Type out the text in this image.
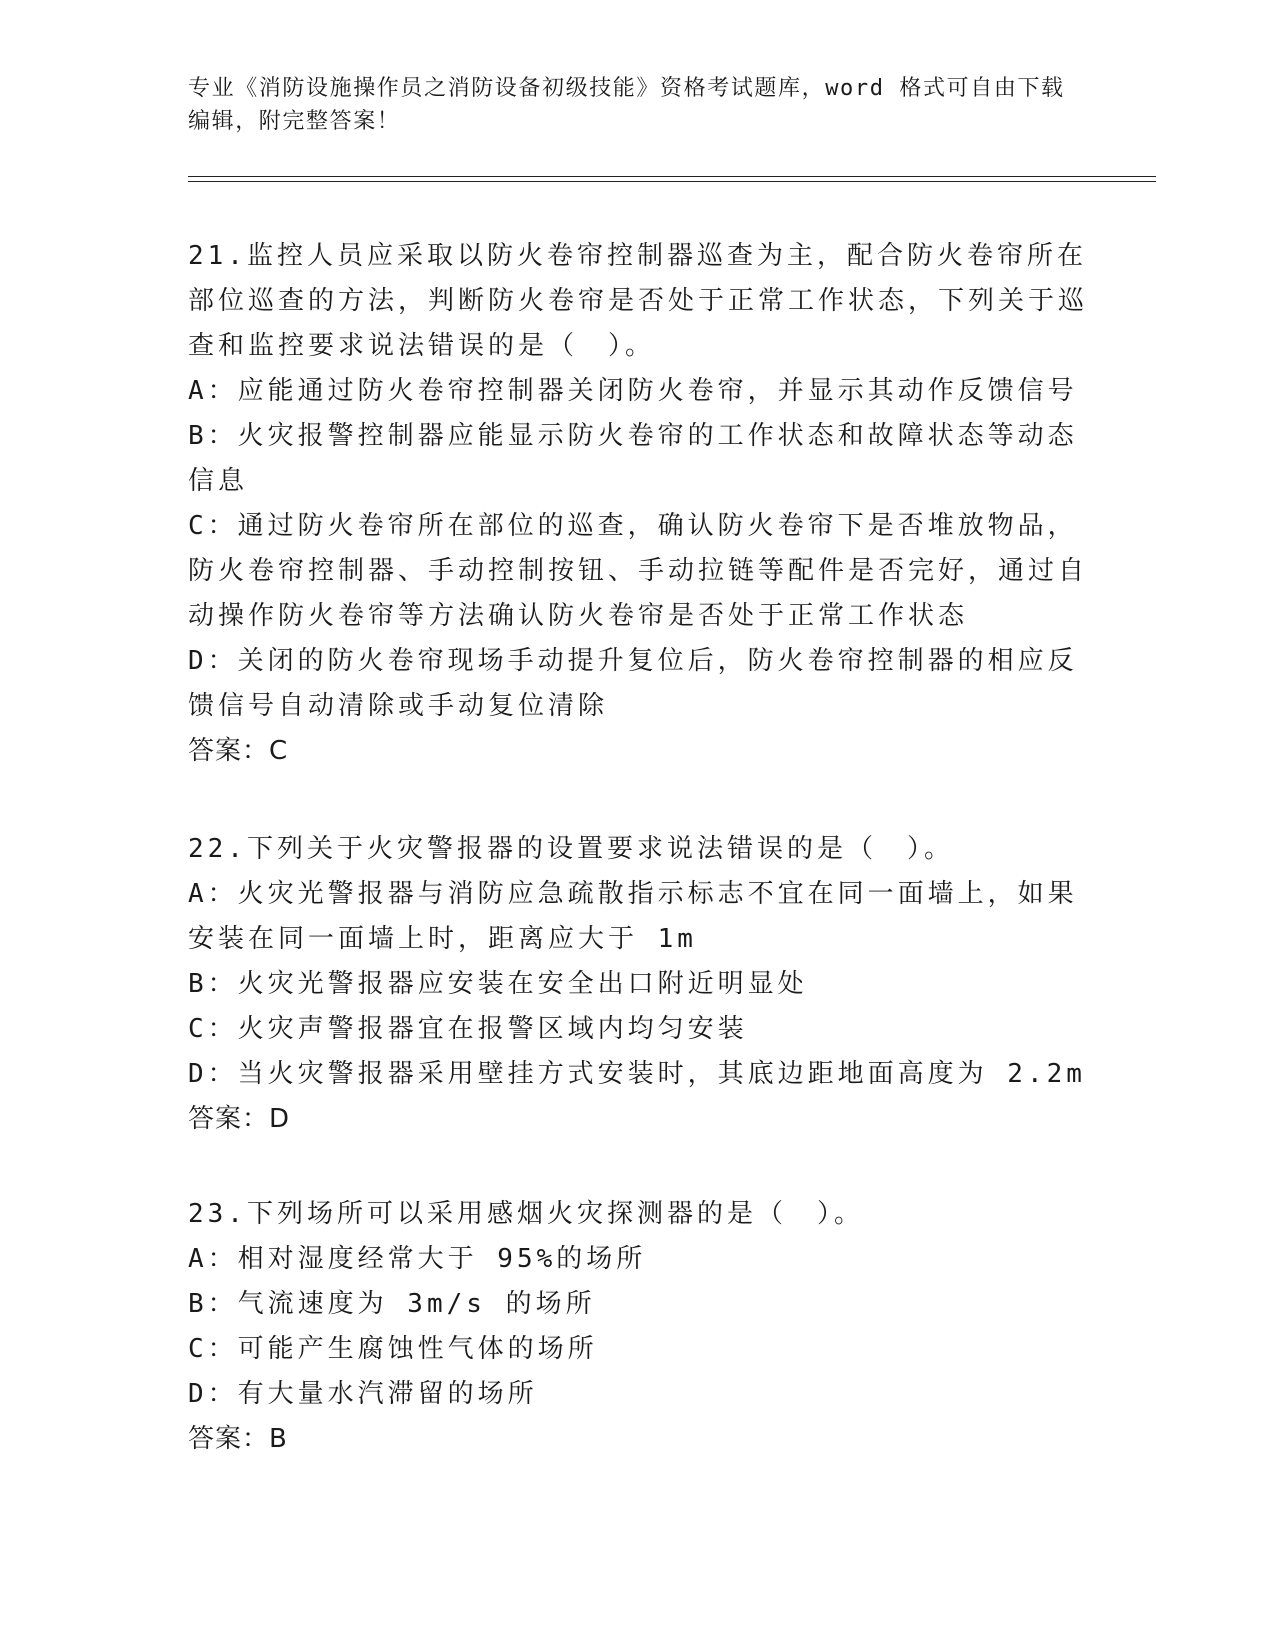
专业《消防设施操作员之消防设备初级技能》资格考试题库，word 格式可自由下载编辑，附完整答案！
21.监控人员应采取以防火卷帘控制器巡查为主，配合防火卷帘所在部位巡查的方法，判断防火卷帘是否处于正常工作状态，下列关于巡查和监控要求说法错误的是（　）。
A：应能通过防火卷帘控制器关闭防火卷帘，并显示其动作反馈信号
B：火灾报警控制器应能显示防火卷帘的工作状态和故障状态等动态信息
C：通过防火卷帘所在部位的巡查，确认防火卷帘下是否堆放物品，防火卷帘控制器、手动控制按钮、手动拉链等配件是否完好，通过自动操作防火卷帘等方法确认防火卷帘是否处于正常工作状态
D：关闭的防火卷帘现场手动提升复位后，防火卷帘控制器的相应反馈信号自动清除或手动复位清除
答案：C
22.下列关于火灾警报器的设置要求说法错误的是（　）。
A：火灾光警报器与消防应急疏散指示标志不宜在同一面墙上，如果安装在同一面墙上时，距离应大于 1m
B：火灾光警报器应安装在安全出口附近明显处
C：火灾声警报器宜在报警区域内均匀安装
D：当火灾警报器采用壁挂方式安装时，其底边距地面高度为 2.2m
答案：D
23.下列场所可以采用感烟火灾探测器的是（　）。
A：相对湿度经常大于 95%的场所
B：气流速度为 3m/s 的场所
C：可能产生腐蚀性气体的场所
D：有大量水汽滞留的场所
答案：B
